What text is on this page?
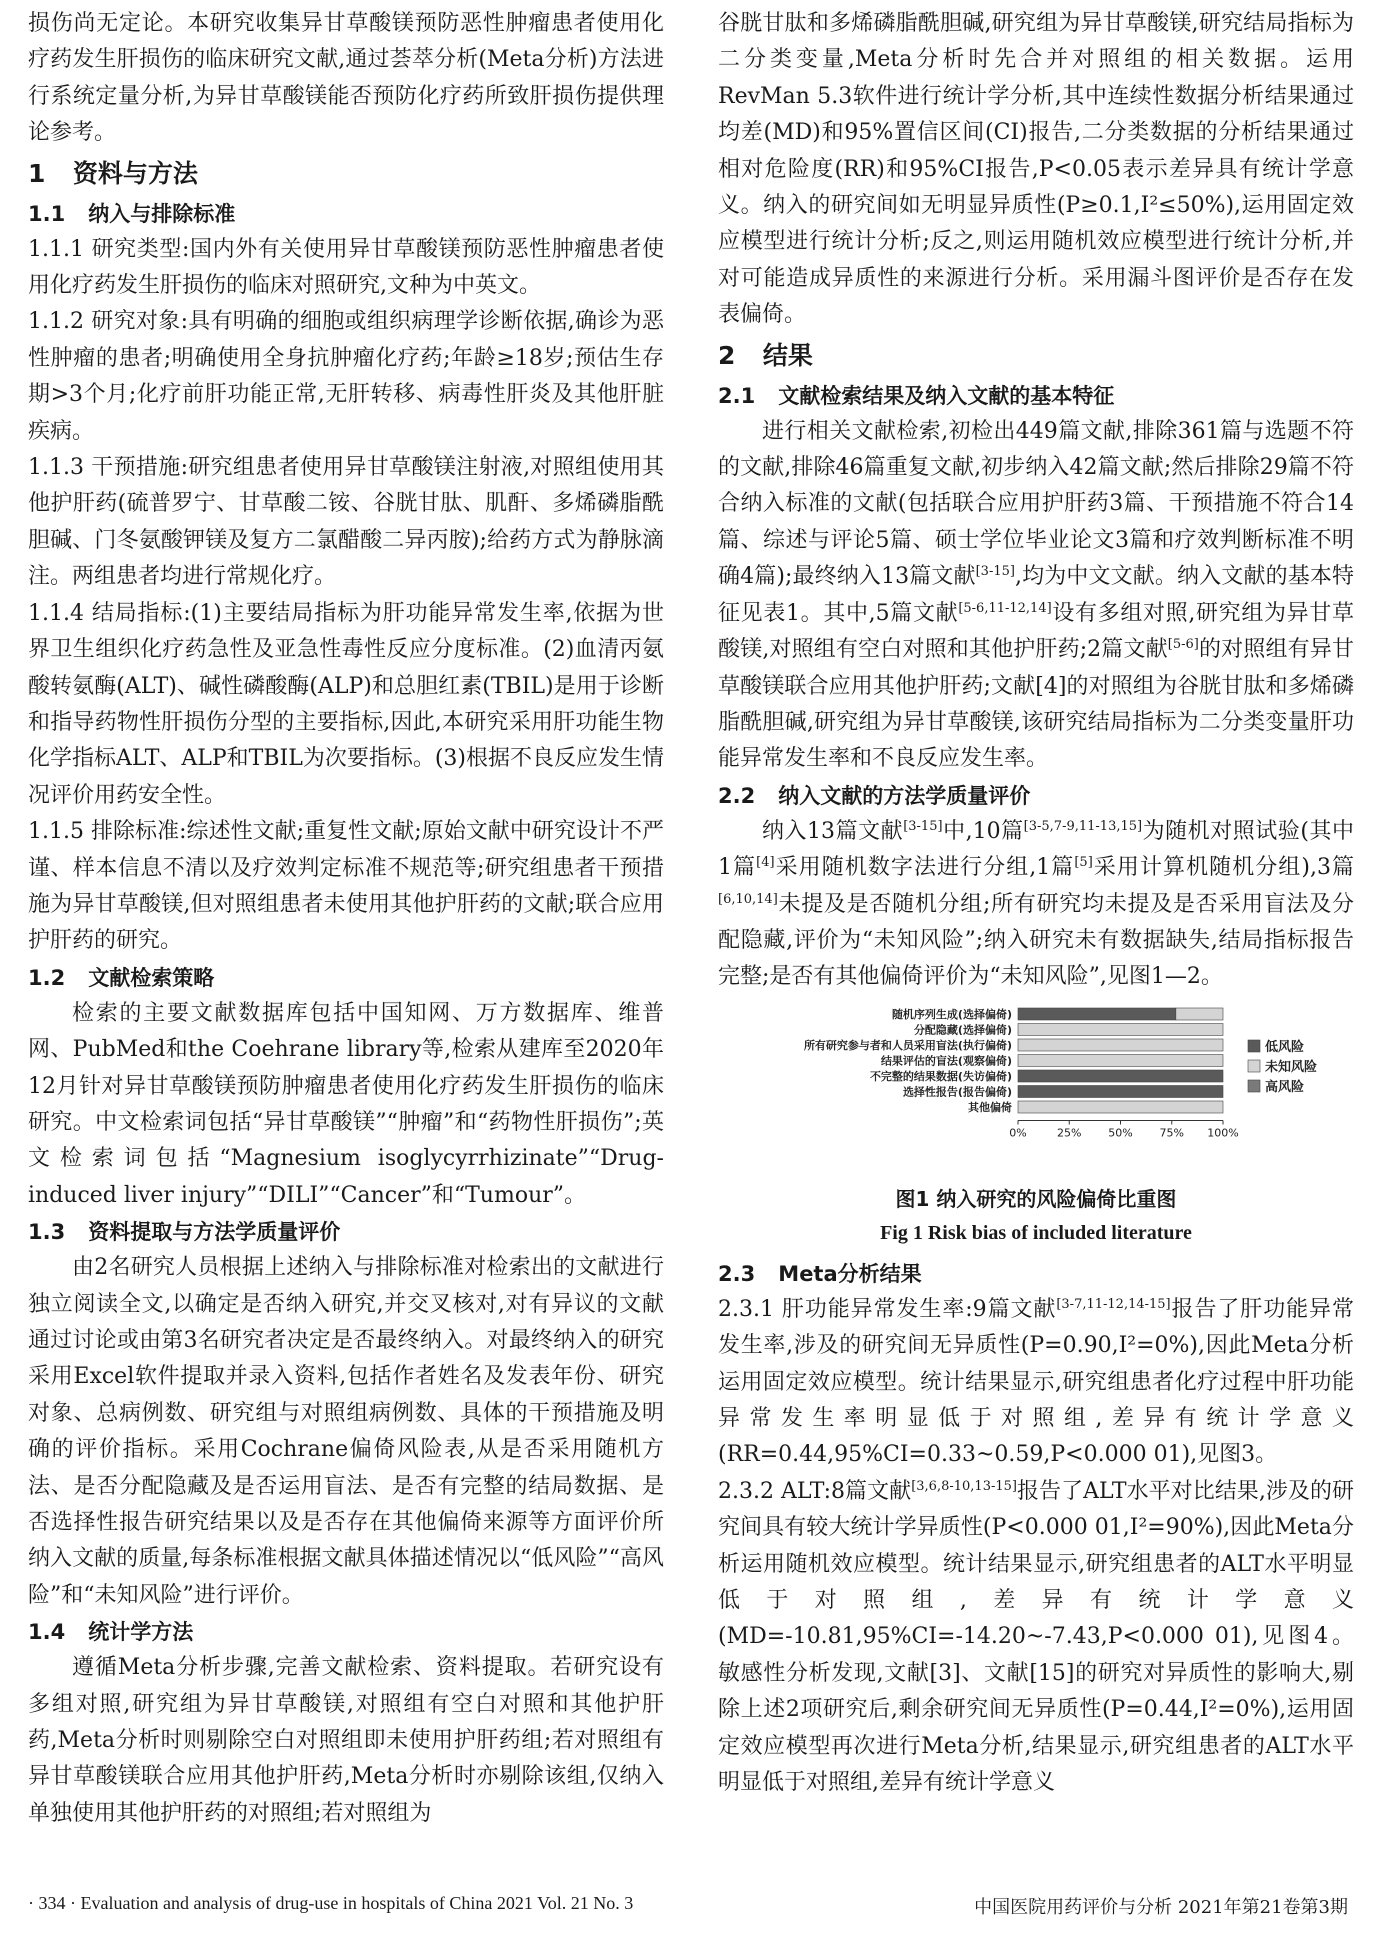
损伤尚无定论。本研究收集异甘草酸镁预防恶性肿瘤患者使用化疗药发生肝损伤的临床研究文献,通过荟萃分析(Meta分析)方法进行系统定量分析,为异甘草酸镁能否预防化疗药所致肝损伤提供理论参考。

1 资料与方法
1.1 纳入与排除标准

1.1.1 研究类型:国内外有关使用异甘草酸镁预防恶性肿瘤患者使用化疗药发生肝损伤的临床对照研究,文种为中英文。

1.1.2 研究对象:具有明确的细胞或组织病理学诊断依据,确诊为恶性肿瘤的患者;明确使用全身抗肿瘤化疗药;年龄≥18岁;预估生存期>3个月;化疗前肝功能正常,无肝转移、病毒性肝炎及其他肝脏疾病。

1.1.3 干预措施:研究组患者使用异甘草酸镁注射液,对照组使用其他护肝药(硫普罗宁、甘草酸二铵、谷胱甘肽、肌酐、多烯磷脂酰胆碱、门冬氨酸钾镁及复方二氯醋酸二异丙胺);给药方式为静脉滴注。两组患者均进行常规化疗。

1.1.4 结局指标:(1)主要结局指标为肝功能异常发生率,依据为世界卫生组织化疗药急性及亚急性毒性反应分度标准。(2)血清丙氨酸转氨酶(ALT)、碱性磷酸酶(ALP)和总胆红素(TBIL)是用于诊断和指导药物性肝损伤分型的主要指标,因此,本研究采用肝功能生物化学指标ALT、ALP和TBIL为次要指标。(3)根据不良反应发生情况评价用药安全性。

1.1.5 排除标准:综述性文献;重复性文献;原始文献中研究设计不严谨、样本信息不清以及疗效判定标准不规范等;研究组患者干预措施为异甘草酸镁,但对照组患者未使用其他护肝药的文献;联合应用护肝药的研究。

1.2 文献检索策略

检索的主要文献数据库包括中国知网、万方数据库、维普网、PubMed和the Coehrane library等,检索从建库至2020年12月针对异甘草酸镁预防肿瘤患者使用化疗药发生肝损伤的临床研究。中文检索词包括“异甘草酸镁”“肿瘤”和“药物性肝损伤”;英文检索词包括“Magnesium isoglycyrrhizinate”“Drug-induced liver injury”“DILI”“Cancer”和“Tumour”。

1.3 资料提取与方法学质量评价

由2名研究人员根据上述纳入与排除标准对检索出的文献进行独立阅读全文,以确定是否纳入研究,并交叉核对,对有异议的文献通过讨论或由第3名研究者决定是否最终纳入。对最终纳入的研究采用Excel软件提取并录入资料,包括作者姓名及发表年份、研究对象、总病例数、研究组与对照组病例数、具体的干预措施及明确的评价指标。采用Cochrane偏倚风险表,从是否采用随机方法、是否分配隐藏及是否运用盲法、是否有完整的结局数据、是否选择性报告研究结果以及是否存在其他偏倚来源等方面评价所纳入文献的质量,每条标准根据文献具体描述情况以“低风险”“高风险”和“未知风险”进行评价。

1.4 统计学方法

遵循Meta分析步骤,完善文献检索、资料提取。若研究设有多组对照,研究组为异甘草酸镁,对照组有空白对照和其他护肝药,Meta分析时则剔除空白对照组即未使用护肝药组;若对照组有异甘草酸镁联合应用其他护肝药,Meta分析时亦剔除该组,仅纳入单独使用其他护肝药的对照组;若对照组为

谷胱甘肽和多烯磷脂酰胆碱,研究组为异甘草酸镁,研究结局指标为二分类变量,Meta分析时先合并对照组的相关数据。运用RevMan 5.3软件进行统计学分析,其中连续性数据分析结果通过均差(MD)和95%置信区间(CI)报告,二分类数据的分析结果通过相对危险度(RR)和95%CI报告,P<0.05表示差异具有统计学意义。纳入的研究间如无明显异质性(P≥0.1,I²≤50%),运用固定效应模型进行统计分析;反之,则运用随机效应模型进行统计分析,并对可能造成异质性的来源进行分析。采用漏斗图评价是否存在发表偏倚。

2 结果
2.1 文献检索结果及纳入文献的基本特征

进行相关文献检索,初检出449篇文献,排除361篇与选题不符的文献,排除46篇重复文献,初步纳入42篇文献;然后排除29篇不符合纳入标准的文献(包括联合应用护肝药3篇、干预措施不符合14篇、综述与评论5篇、硕士学位毕业论文3篇和疗效判断标准不明确4篇);最终纳入13篇文献[3-15],均为中文文献。纳入文献的基本特征见表1。其中,5篇文献[5-6,11-12,14]设有多组对照,研究组为异甘草酸镁,对照组有空白对照和其他护肝药;2篇文献[5-6]的对照组有异甘草酸镁联合应用其他护肝药;文献[4]的对照组为谷胱甘肽和多烯磷脂酰胆碱,研究组为异甘草酸镁,该研究结局指标为二分类变量肝功能异常发生率和不良反应发生率。

2.2 纳入文献的方法学质量评价

纳入13篇文献[3-15]中,10篇[3-5,7-9,11-13,15]为随机对照试验(其中1篇[4]采用随机数字法进行分组,1篇[5]采用计算机随机分组),3篇[6,10,14]未提及是否随机分组;所有研究均未提及是否采用盲法及分配隐藏,评价为“未知风险”;纳入研究未有数据缺失,结局指标报告完整;是否有其他偏倚评价为“未知风险”,见图1—2。

随机序列生成(选择偏倚)
分配隐藏(选择偏倚)
所有研究参与者和人员采用盲法(执行偏倚)
结果评估的盲法(观察偏倚)
不完整的结果数据(失访偏倚)
选择性报告(报告偏倚)
其他偏倚
0%	25% 50% 75% 100%
低风险
未知风险
高风险

图1 纳入研究的风险偏倚比重图

Fig 1 Risk bias of included literature

2.3 Meta分析结果

2.3.1 肝功能异常发生率:9篇文献[3-7,11-12,14-15]报告了肝功能异常发生率,涉及的研究间无异质性(P=0.90,I²=0%),因此Meta分析运用固定效应模型。统计结果显示,研究组患者化疗过程中肝功能异常发生率明显低于对照组,差异有统计学意义(RR=0.44,95%CI=0.33~0.59,P<0.000 01),见图3。

2.3.2 ALT:8篇文献[3,6,8-10,13-15]报告了ALT水平对比结果,涉及的研究间具有较大统计学异质性(P<0.000 01,I²=90%),因此Meta分析运用随机效应模型。统计结果显示,研究组患者的ALT水平明显低于对照组,差异有统计学意义(MD=-10.81,95%CI=-14.20~-7.43,P<0.000 01),见图4。敏感性分析发现,文献[3]、文献[15]的研究对异质性的影响大,剔除上述2项研究后,剩余研究间无异质性(P=0.44,I²=0%),运用固定效应模型再次进行Meta分析,结果显示,研究组患者的ALT水平明显低于对照组,差异有统计学意义

· 334 · Evaluation and analysis of drug-use in hospitals of China 2021 Vol. 21 No. 3	中国医院用药评价与分析 2021年第21卷第3期
